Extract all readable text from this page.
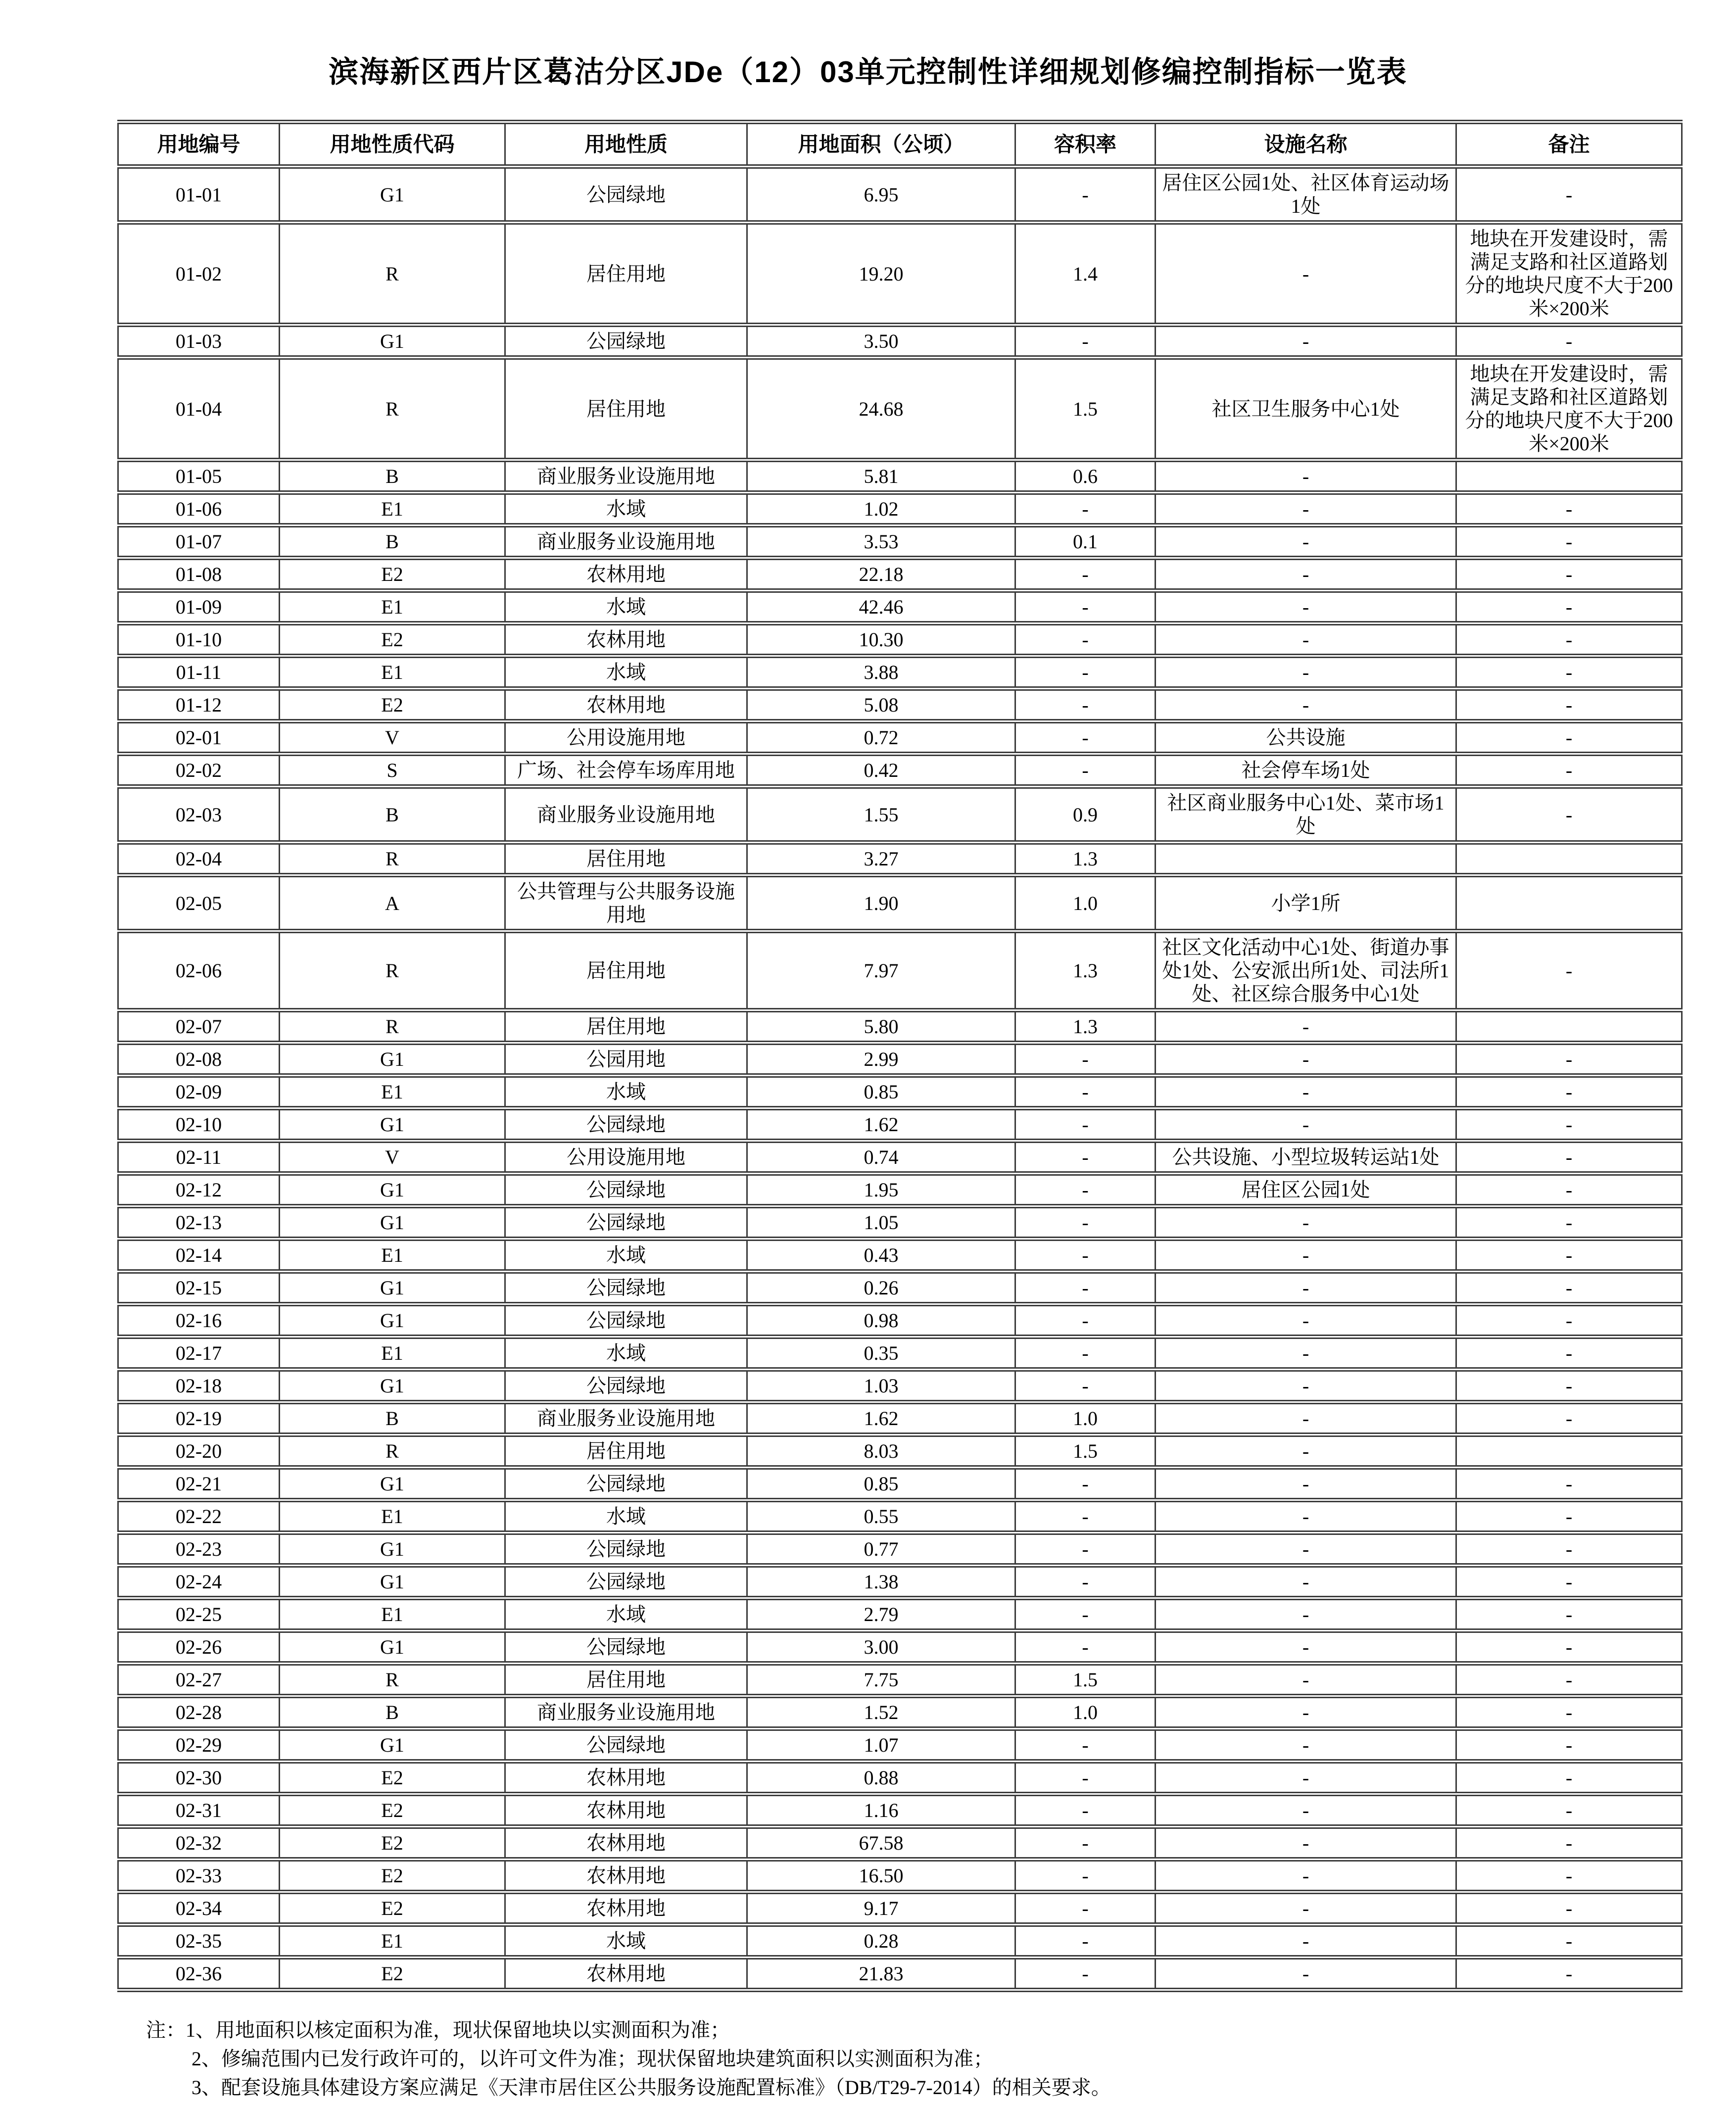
滨海新区西片区葛沽分区JDe（12）03单元控制性详细规划修编控制指标一览表
用地编号	用地性质代码	用地性质	用地面积（公顷）	容积率	设施名称	备注
01-01	G1	公园绿地	6.95	-	居住区公园1处、社区体育运动场1处	-
01-02	R	居住用地	19.20	1.4	-	地块在开发建设时，需满足支路和社区道路划分的地块尺度不大于200米×200米
01-03	G1	公园绿地	3.50	-	-	-
01-04	R	居住用地	24.68	1.5	社区卫生服务中心1处	地块在开发建设时，需满足支路和社区道路划分的地块尺度不大于200米×200米
01-05	B	商业服务业设施用地	5.81	0.6	-	
01-06	E1	水域	1.02	-	-	-
01-07	B	商业服务业设施用地	3.53	0.1	-	-
01-08	E2	农林用地	22.18	-	-	-
01-09	E1	水域	42.46	-	-	-
01-10	E2	农林用地	10.30	-	-	-
01-11	E1	水域	3.88	-	-	-
01-12	E2	农林用地	5.08	-	-	-
02-01	V	公用设施用地	0.72	-	公共设施	-
02-02	S	广场、社会停车场库用地	0.42	-	社会停车场1处	-
02-03	B	商业服务业设施用地	1.55	0.9	社区商业服务中心1处、菜市场1处	-
02-04	R	居住用地	3.27	1.3		
02-05	A	公共管理与公共服务设施用地	1.90	1.0	小学1所	
02-06	R	居住用地	7.97	1.3	社区文化活动中心1处、街道办事处1处、公安派出所1处、司法所1处、社区综合服务中心1处	-
02-07	R	居住用地	5.80	1.3	-	
02-08	G1	公园用地	2.99	-	-	-
02-09	E1	水域	0.85	-	-	-
02-10	G1	公园绿地	1.62	-	-	-
02-11	V	公用设施用地	0.74	-	公共设施、小型垃圾转运站1处	-
02-12	G1	公园绿地	1.95	-	居住区公园1处	-
02-13	G1	公园绿地	1.05	-	-	-
02-14	E1	水域	0.43	-	-	-
02-15	G1	公园绿地	0.26	-	-	-
02-16	G1	公园绿地	0.98	-	-	-
02-17	E1	水域	0.35	-	-	-
02-18	G1	公园绿地	1.03	-	-	-
02-19	B	商业服务业设施用地	1.62	1.0	-	-
02-20	R	居住用地	8.03	1.5	-	
02-21	G1	公园绿地	0.85	-	-	-
02-22	E1	水域	0.55	-	-	-
02-23	G1	公园绿地	0.77	-	-	-
02-24	G1	公园绿地	1.38	-	-	-
02-25	E1	水域	2.79	-	-	-
02-26	G1	公园绿地	3.00	-	-	-
02-27	R	居住用地	7.75	1.5	-	-
02-28	B	商业服务业设施用地	1.52	1.0	-	-
02-29	G1	公园绿地	1.07	-	-	-
02-30	E2	农林用地	0.88	-	-	-
02-31	E2	农林用地	1.16	-	-	-
02-32	E2	农林用地	67.58	-	-	-
02-33	E2	农林用地	16.50	-	-	-
02-34	E2	农林用地	9.17	-	-	-
02-35	E1	水域	0.28	-	-	-
02-36	E2	农林用地	21.83	-	-	-
注：1、用地面积以核定面积为准，现状保留地块以实测面积为准；
2、修编范围内已发行政许可的，以许可文件为准；现状保留地块建筑面积以实测面积为准；
3、配套设施具体建设方案应满足《天津市居住区公共服务设施配置标准》（DB/T29-7-2014）的相关要求。
